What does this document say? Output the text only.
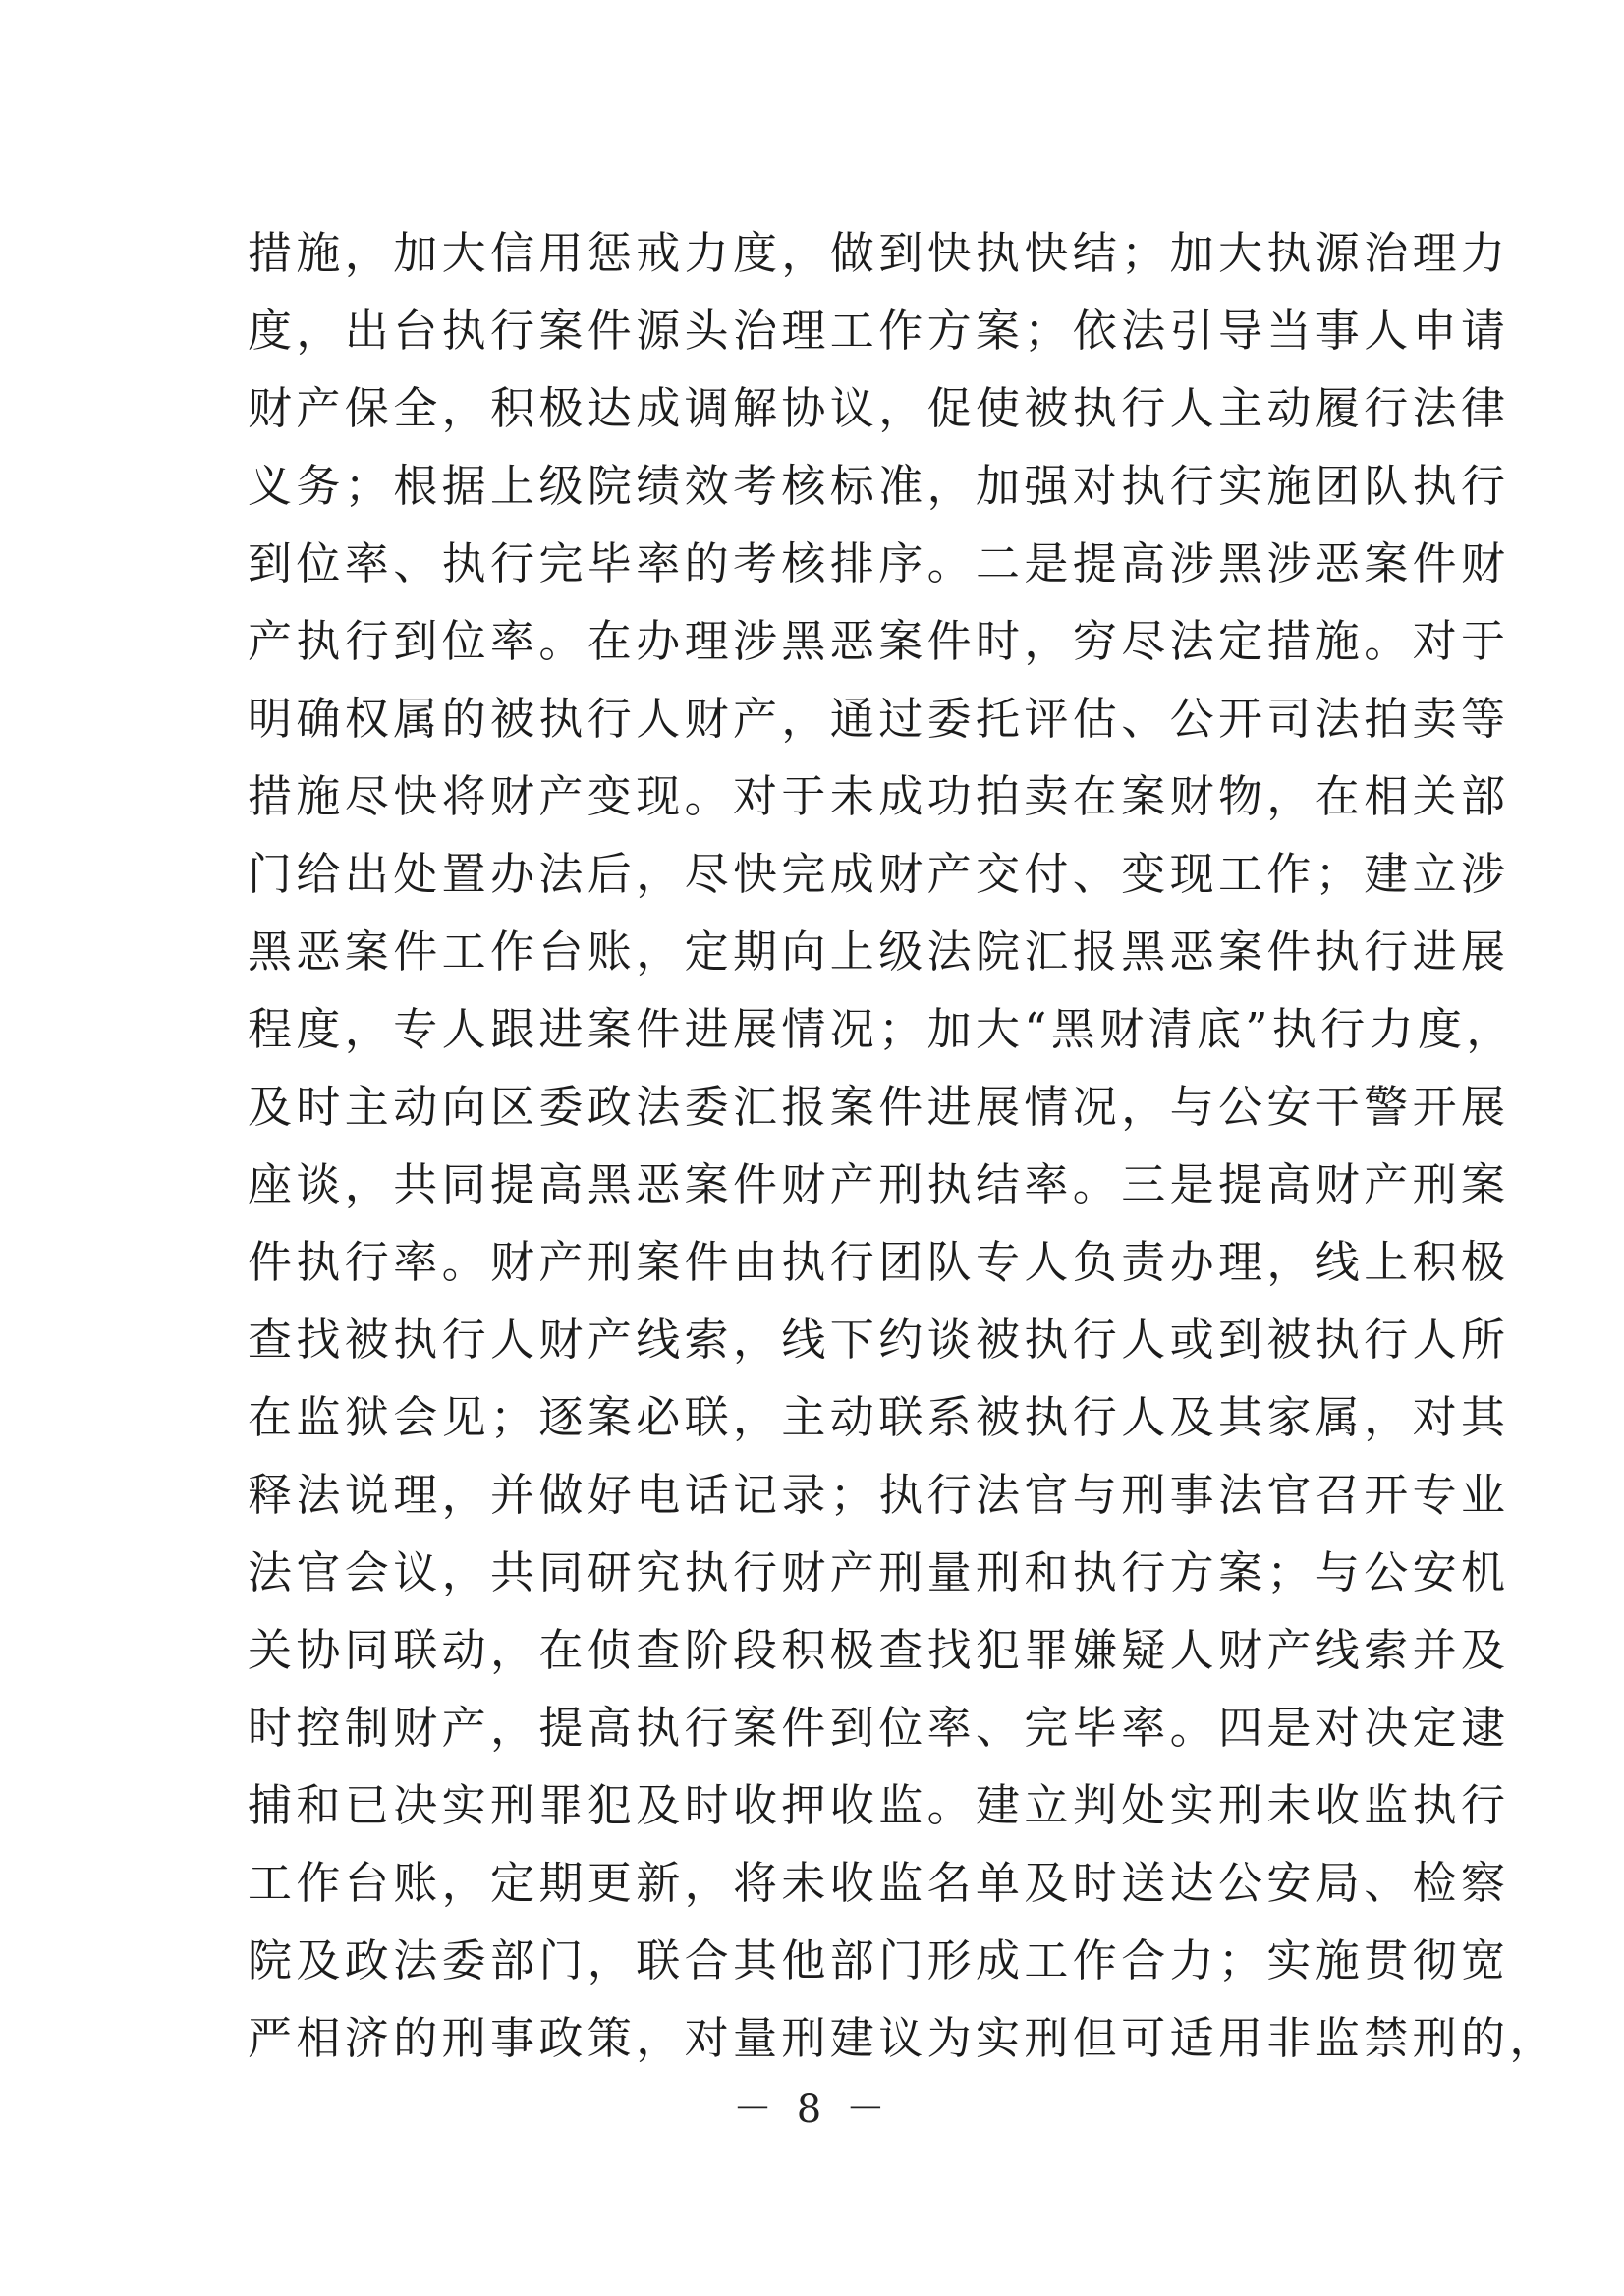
措施，加大信用惩戒力度，做到快执快结；加大执源治理力
度，出台执行案件源头治理工作方案；依法引导当事人申请
财产保全，积极达成调解协议，促使被执行人主动履行法律
义务；根据上级院绩效考核标准，加强对执行实施团队执行
到位率、执行完毕率的考核排序。二是提高涉黑涉恶案件财
产执行到位率。在办理涉黑恶案件时，穷尽法定措施。对于
明确权属的被执行人财产，通过委托评估、公开司法拍卖等
措施尽快将财产变现。对于未成功拍卖在案财物，在相关部
门给出处置办法后，尽快完成财产交付、变现工作；建立涉
黑恶案件工作台账，定期向上级法院汇报黑恶案件执行进展
程度，专人跟进案件进展情况；加大“黑财清底”执行力度，
及时主动向区委政法委汇报案件进展情况，与公安干警开展
座谈，共同提高黑恶案件财产刑执结率。三是提高财产刑案
件执行率。财产刑案件由执行团队专人负责办理，线上积极
查找被执行人财产线索，线下约谈被执行人或到被执行人所
在监狱会见；逐案必联，主动联系被执行人及其家属，对其
释法说理，并做好电话记录；执行法官与刑事法官召开专业
法官会议，共同研究执行财产刑量刑和执行方案；与公安机
关协同联动，在侦查阶段积极查找犯罪嫌疑人财产线索并及
时控制财产，提高执行案件到位率、完毕率。四是对决定逮
捕和已决实刑罪犯及时收押收监。建立判处实刑未收监执行
工作台账，定期更新，将未收监名单及时送达公安局、检察
院及政法委部门，联合其他部门形成工作合力；实施贯彻宽
严相济的刑事政策，对量刑建议为实刑但可适用非监禁刑的，
－ 8 －
